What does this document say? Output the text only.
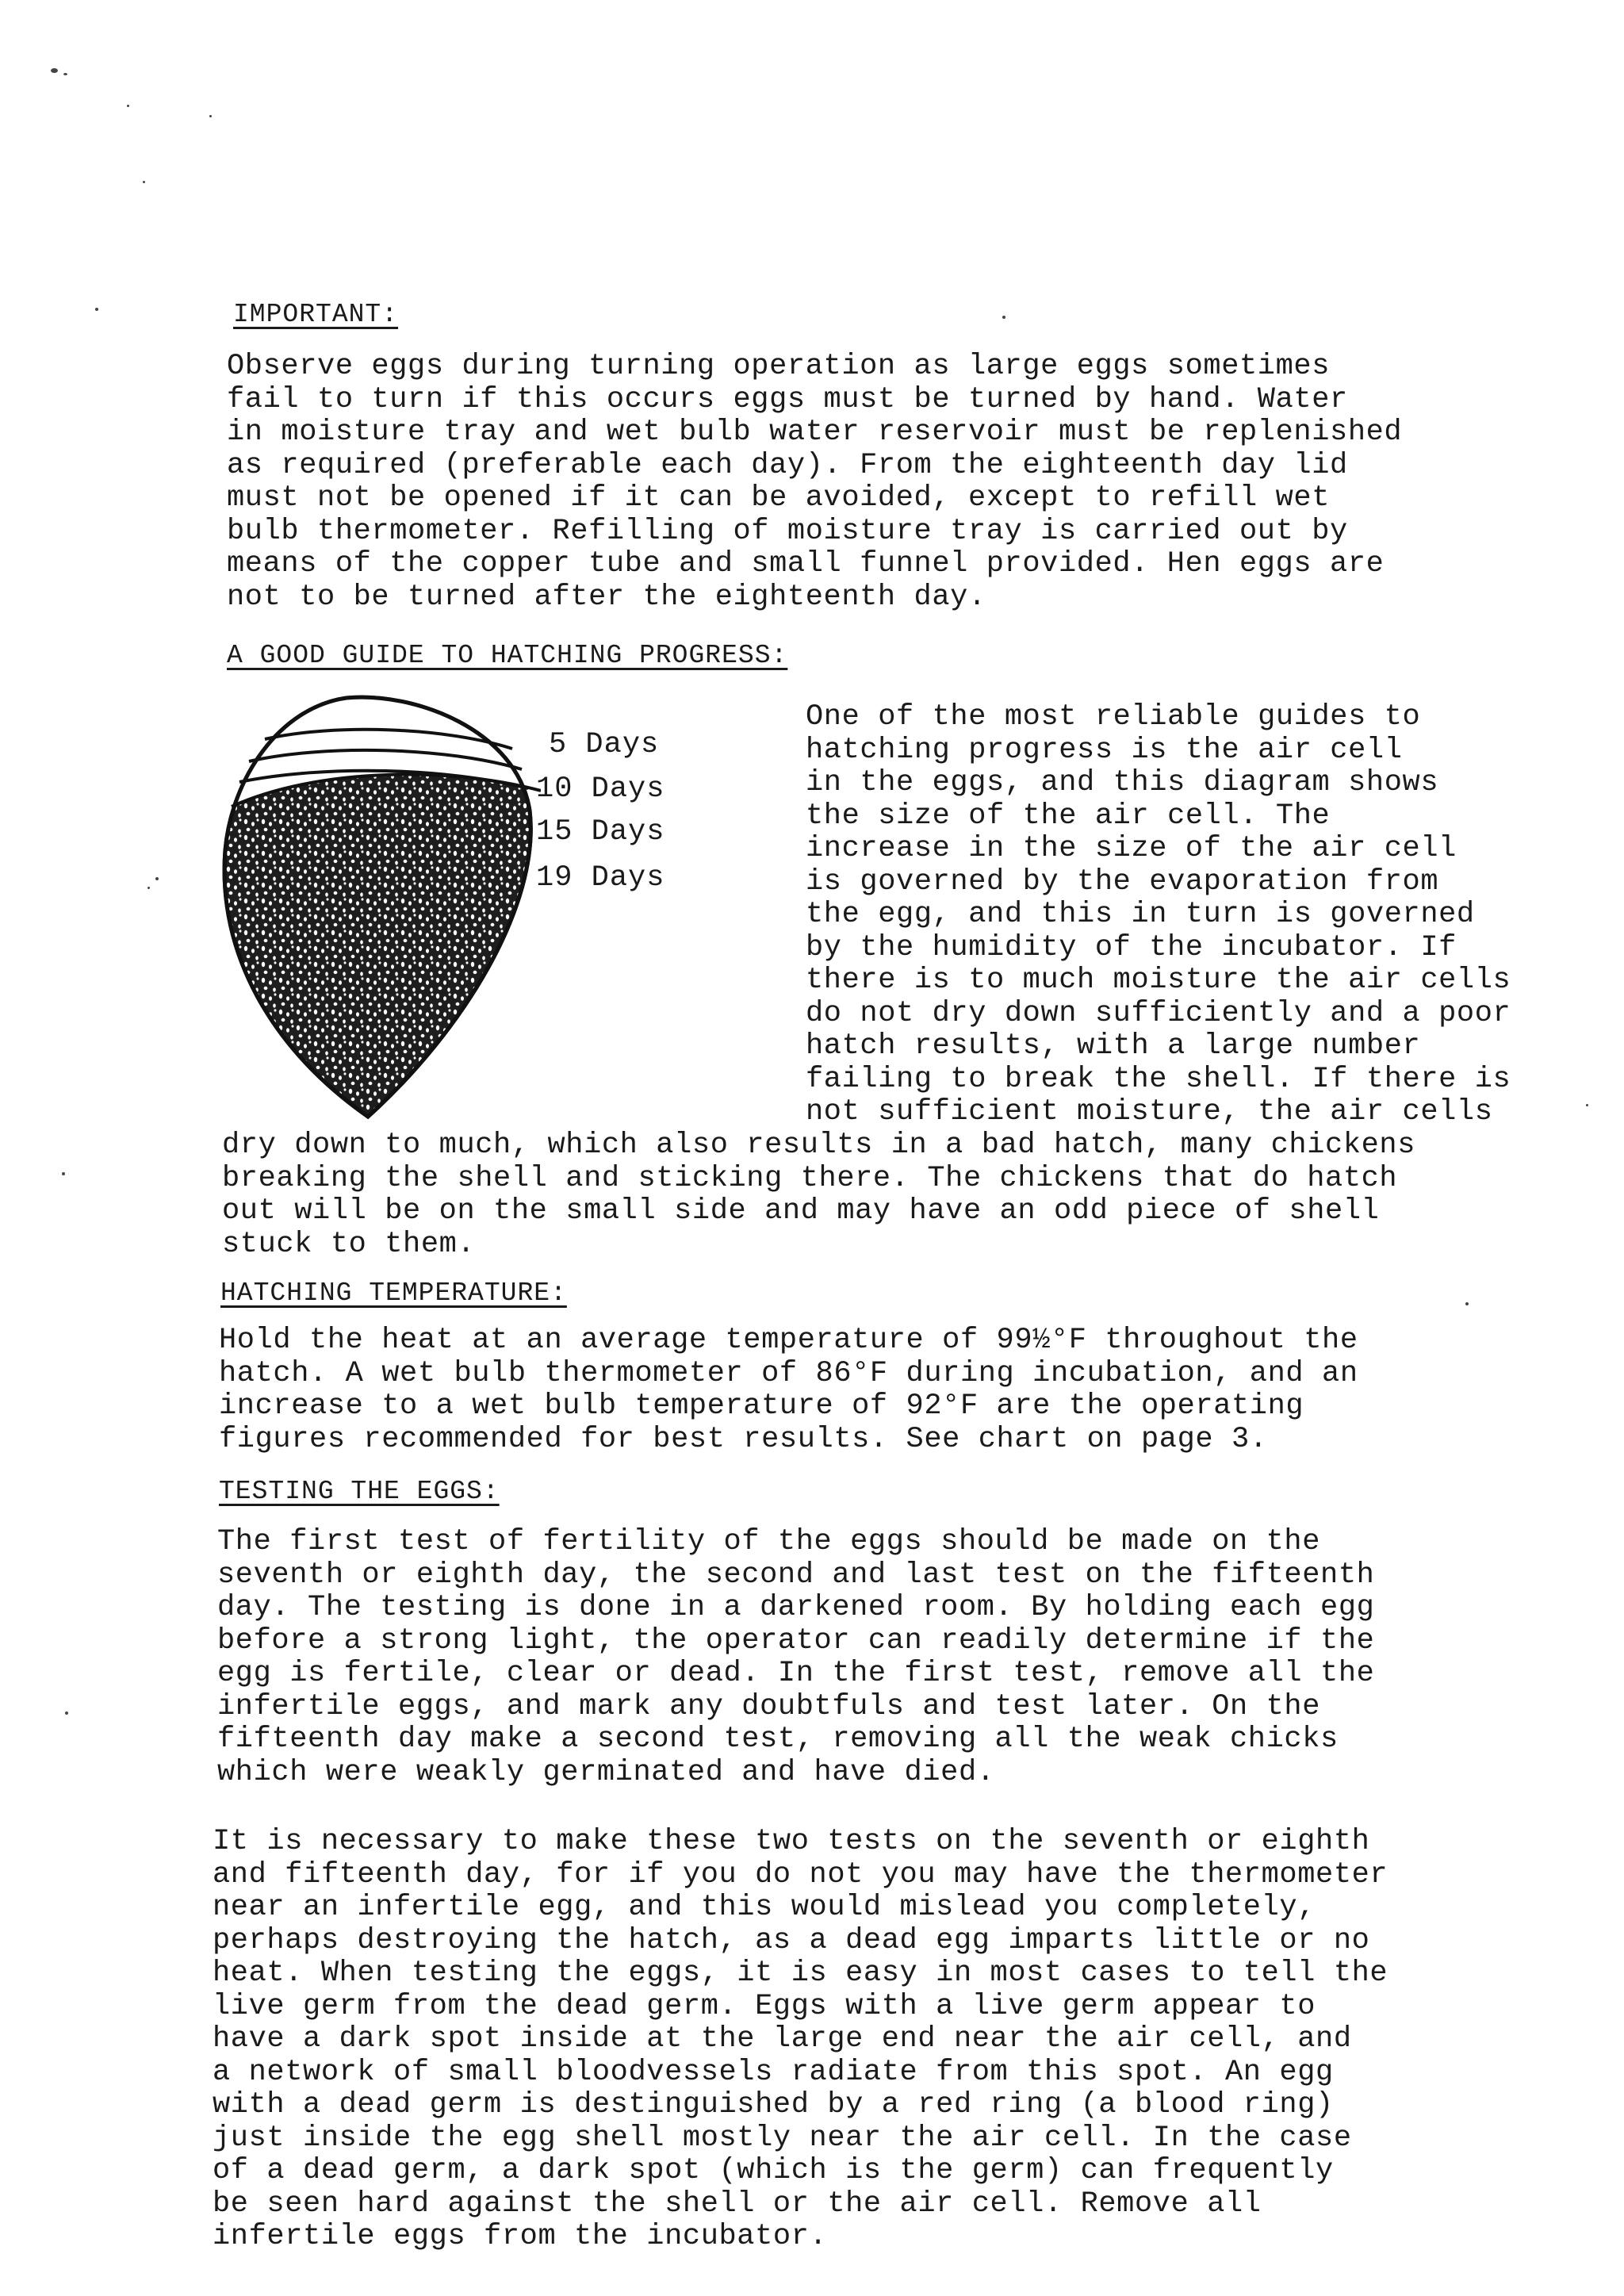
IMPORTANT:
Observe eggs during turning operation as large eggs sometimes
fail to turn if this occurs eggs must be turned by hand. Water
in moisture tray and wet bulb water reservoir must be replenished
as required (preferable each day). From the eighteenth day lid
must not be opened if it can be avoided, except to refill wet
bulb thermometer. Refilling of moisture tray is carried out by
means of the copper tube and small funnel provided. Hen eggs are
not to be turned after the eighteenth day.
A GOOD GUIDE TO HATCHING PROGRESS:
5 Days
10 Days
15 Days
19 Days
One of the most reliable guides to
hatching progress is the air cell
in the eggs, and this diagram shows
the size of the air cell. The
increase in the size of the air cell
is governed by the evaporation from
the egg, and this in turn is governed
by the humidity of the incubator. If
there is to much moisture the air cells
do not dry down sufficiently and a poor
hatch results, with a large number
failing to break the shell. If there is
not sufficient moisture, the air cells
dry down to much, which also results in a bad hatch, many chickens
breaking the shell and sticking there. The chickens that do hatch
out will be on the small side and may have an odd piece of shell
stuck to them.
HATCHING TEMPERATURE:
Hold the heat at an average temperature of 99½°F throughout the
hatch. A wet bulb thermometer of 86°F during incubation, and an
increase to a wet bulb temperature of 92°F are the operating
figures recommended for best results. See chart on page 3.
TESTING THE EGGS:
The first test of fertility of the eggs should be made on the
seventh or eighth day, the second and last test on the fifteenth
day. The testing is done in a darkened room. By holding each egg
before a strong light, the operator can readily determine if the
egg is fertile, clear or dead. In the first test, remove all the
infertile eggs, and mark any doubtfuls and test later. On the
fifteenth day make a second test, removing all the weak chicks
which were weakly germinated and have died.
It is necessary to make these two tests on the seventh or eighth
and fifteenth day, for if you do not you may have the thermometer
near an infertile egg, and this would mislead you completely,
perhaps destroying the hatch, as a dead egg imparts little or no
heat. When testing the eggs, it is easy in most cases to tell the
live germ from the dead germ. Eggs with a live germ appear to
have a dark spot inside at the large end near the air cell, and
a network of small bloodvessels radiate from this spot. An egg
with a dead germ is destinguished by a red ring (a blood ring)
just inside the egg shell mostly near the air cell. In the case
of a dead germ, a dark spot (which is the germ) can frequently
be seen hard against the shell or the air cell. Remove all
infertile eggs from the incubator.
